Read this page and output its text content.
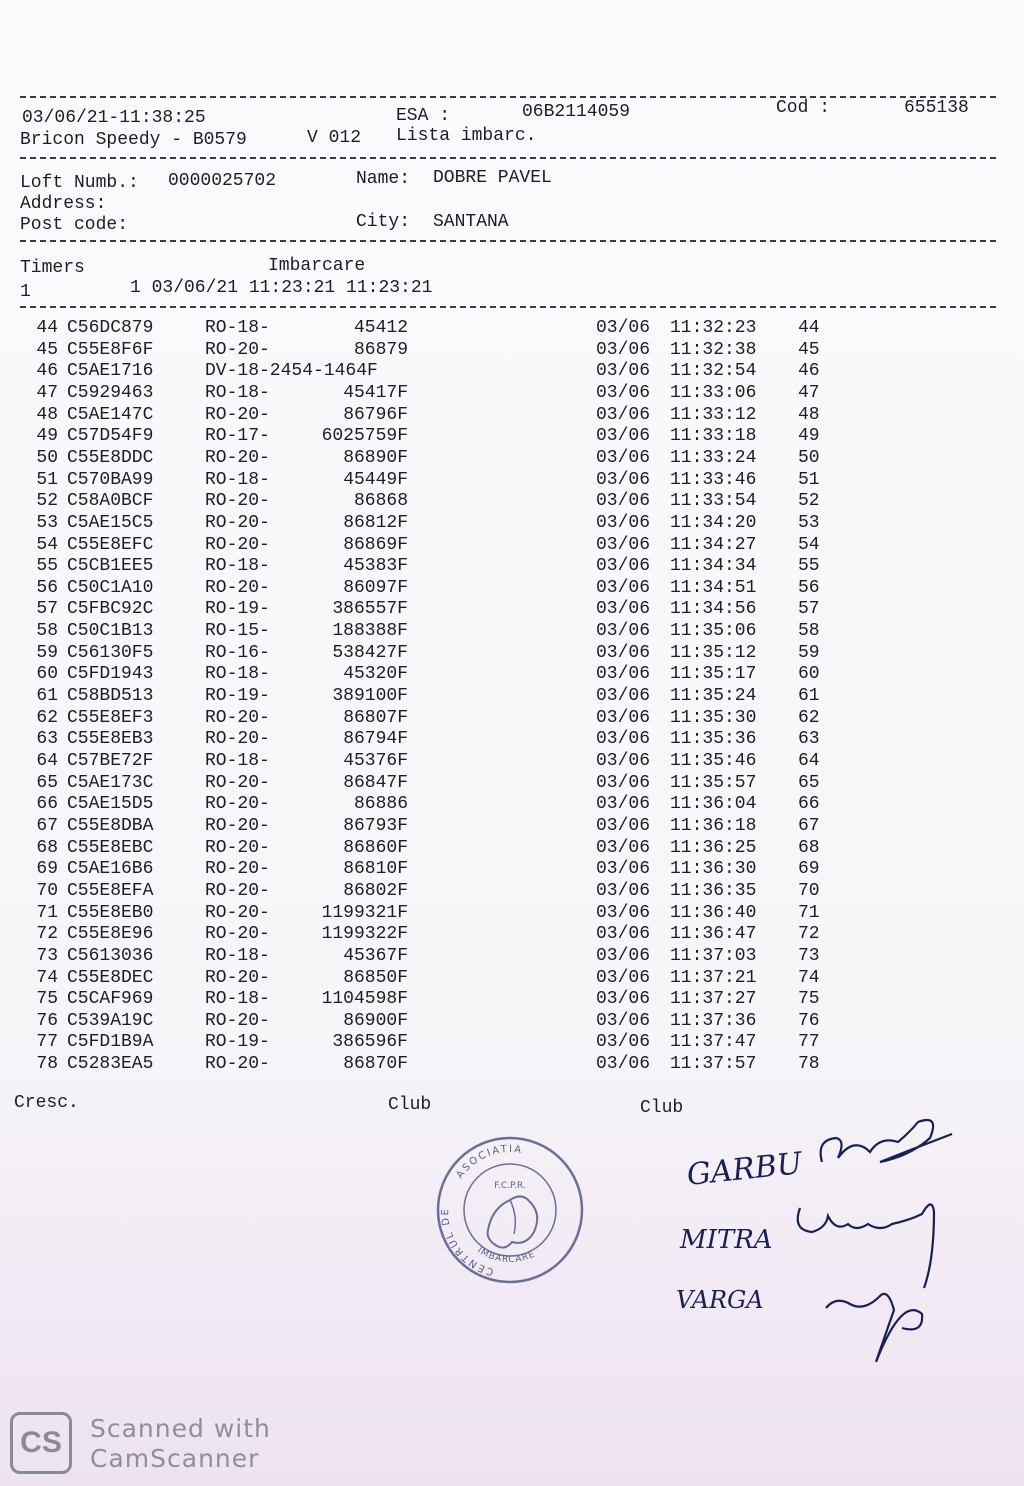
03/06/21-11:38:25	ESA :	06B2114059	Cod :	655138
Bricon Speedy - B0579	V 012 Lista imbarc.
Loft Numb.: 0000025702	Name: DOBRE PAVEL
Address:
Post code:	City: SANTANA
Timers	Imbarcare
1	1 03/06/21 11:23:21 11:23:21
44 C56DC879	RO-18-	45412	03/06 11:32:23 44
45 C55E8F6F	RO-20-	86879	03/06 11:32:38 45
46 C5AE1716	DV-18-2454-1464F	03/06 11:32:54 46
47 C5929463	RO-18-	45417F	03/06 11:33:06 47
48 C5AE147C	RO-20-	86796F	03/06 11:33:12 48
49 C57D54F9	RO-17-	6025759F	03/06 11:33:18 49
50 C55E8DDC	RO-20-	86890F	03/06 11:33:24 50
51 C570BA99	RO-18-	45449F	03/06 11:33:46 51
52 C58A0BCF	RO-20-	86868	03/06 11:33:54 52
53 C5AE15C5	RO-20-	86812F	03/06 11:34:20 53
54 C55E8EFC	RO-20-	86869F	03/06 11:34:27 54
55 C5CB1EE5	RO-18-	45383F	03/06 11:34:34 55
56 C50C1A10	RO-20-	86097F	03/06 11:34:51 56
57 C5FBC92C	RO-19-	386557F	03/06 11:34:56 57
58 C50C1B13	RO-15-	188388F	03/06 11:35:06 58
59 C56130F5	RO-16-	538427F	03/06 11:35:12 59
60 C5FD1943	RO-18-	45320F	03/06 11:35:17 60
61 C58BD513	RO-19-	389100F	03/06 11:35:24 61
62 C55E8EF3	RO-20-	86807F	03/06 11:35:30 62
63 C55E8EB3	RO-20-	86794F	03/06 11:35:36 63
64 C57BE72F	RO-18-	45376F	03/06 11:35:46 64
65 C5AE173C	RO-20-	86847F	03/06 11:35:57 65
66 C5AE15D5	RO-20-	86886	03/06 11:36:04 66
67 C55E8DBA	RO-20-	86793F	03/06 11:36:18 67
68 C55E8EBC	RO-20-	86860F	03/06 11:36:25 68
69 C5AE16B6	RO-20-	86810F	03/06 11:36:30 69
70 C55E8EFA	RO-20-	86802F	03/06 11:36:35 70
71 C55E8EB0	RO-20-	1199321F	03/06 11:36:40 71
72 C55E8E96	RO-20-	1199322F	03/06 11:36:47 72
73 C5613036	RO-18-	45367F	03/06 11:37:03 73
74 C55E8DEC	RO-20-	86850F	03/06 11:37:21 74
75 C5CAF969	RO-18-	1104598F	03/06 11:37:27 75
76 C539A19C	RO-20-	86900F	03/06 11:37:36 76
77 C5FD1B9A	RO-19-	386596F	03/06 11:37:47 77
78 C5283EA5	RO-20-	86870F	03/06 11:37:57 78
Cresc.	Club	Club
ASOCIATIA
CENTRUL DE
IMBARCARE
F.C.P.R.	GARBU
MITRA
VARGA
CS	Scanned with
CamScanner
